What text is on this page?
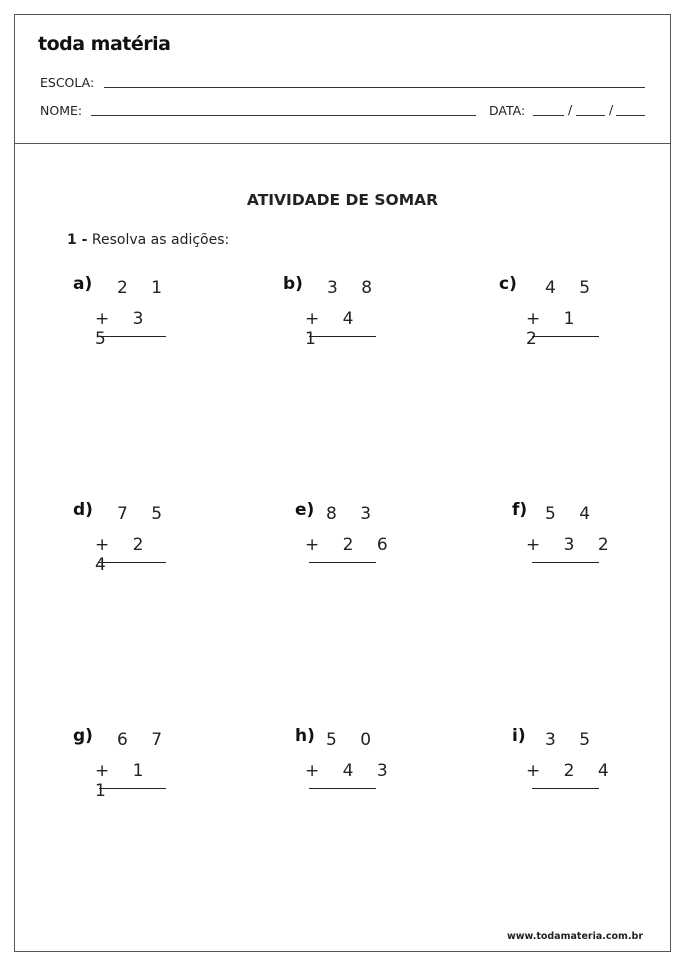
toda matéria
ESCOLA:
NOME:	DATA:	/	/
ATIVIDADE DE SOMAR
1 - Resolva as adições:
a) 2 1
+ 3 5
b) 3 8
+ 4 1
c) 4 5
+ 1 2
d) 7 5
+ 2 4
e) 8 3
+ 2 6
f) 5 4
+ 3 2
g) 6 7
+ 1 1
h) 5 0
+ 4 3
i) 3 5
+ 2 4
www.todamateria.com.br
